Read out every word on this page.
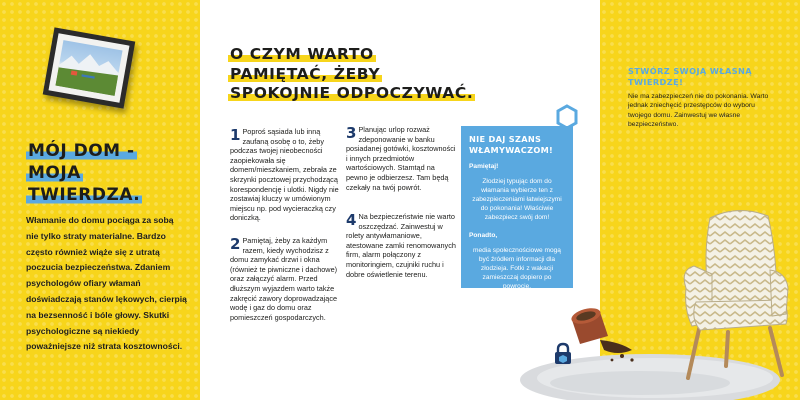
MÓJ DOM -
MOJA
TWIERDZA.
Włamanie do domu pociąga za sobą nie tylko straty materialne. Bardzo często również wiąże się z utratą poczucia bezpieczeństwa. Zdaniem psychologów ofiary włamań doświadczają stanów lękowych, cierpią na bezsenność i bóle głowy. Skutki psychologiczne są niekiedy poważniejsze niż strata kosztowności.
O CZYM WARTO
PAMIĘTAĆ, ŻEBY
SPOKOJNIE ODPOCZYWAĆ.
1 Poproś sąsiada lub inną zaufaną osobę o to, żeby podczas twojej nieobecności zaopiekowała się domem/mieszkaniem, zebrała ze skrzynki pocztowej przychodzącą korespondencję i ulotki. Nigdy nie zostawiaj kluczy w umówionym miejscu np. pod wycieraczką czy doniczką.
2 Pamiętaj, żeby za każdym razem, kiedy wychodzisz z domu zamykać drzwi i okna (również te piwniczne i dachowe) oraz załączyć alarm. Przed dłuższym wyjazdem warto także zakręcić zawory doprowadzające wodę i gaz do domu oraz pomieszczeń gospodarczych.
3 Planując urlop rozważ zdeponowanie w banku posiadanej gotówki, kosztowności i innych przedmiotów wartościowych. Stamtąd na pewno je odbierzesz. Tam będą czekały na twój powrót.
4 Na bezpieczeństwie nie warto oszczędzać. Zainwestuj w rolety antywłamaniowe, atestowane zamki renomowanych firm, alarm połączony z monitoringiem, czujniki ruchu i dobre oświetlenie terenu.
NIE DAJ SZANS WŁAMYWACZOM!
Pamiętaj!
Złodziej typując dom do włamania wybierze ten z zabezpieczeniami łatwiejszymi do pokonania! Właściwie zabezpiecz swój dom!
Ponadto,
media społecznościowe mogą być źródłem informacji dla złodzieja. Fotki z wakacji zamieszczaj dopiero po powrocie.
STWÓRZ SWOJĄ WŁASNĄ TWIERDZĘ!
Nie ma zabezpieczeń nie do pokonania. Warto jednak zniechęcić przestępców do wyboru twojego domu. Zainwestuj we własne bezpieczeństwo.
